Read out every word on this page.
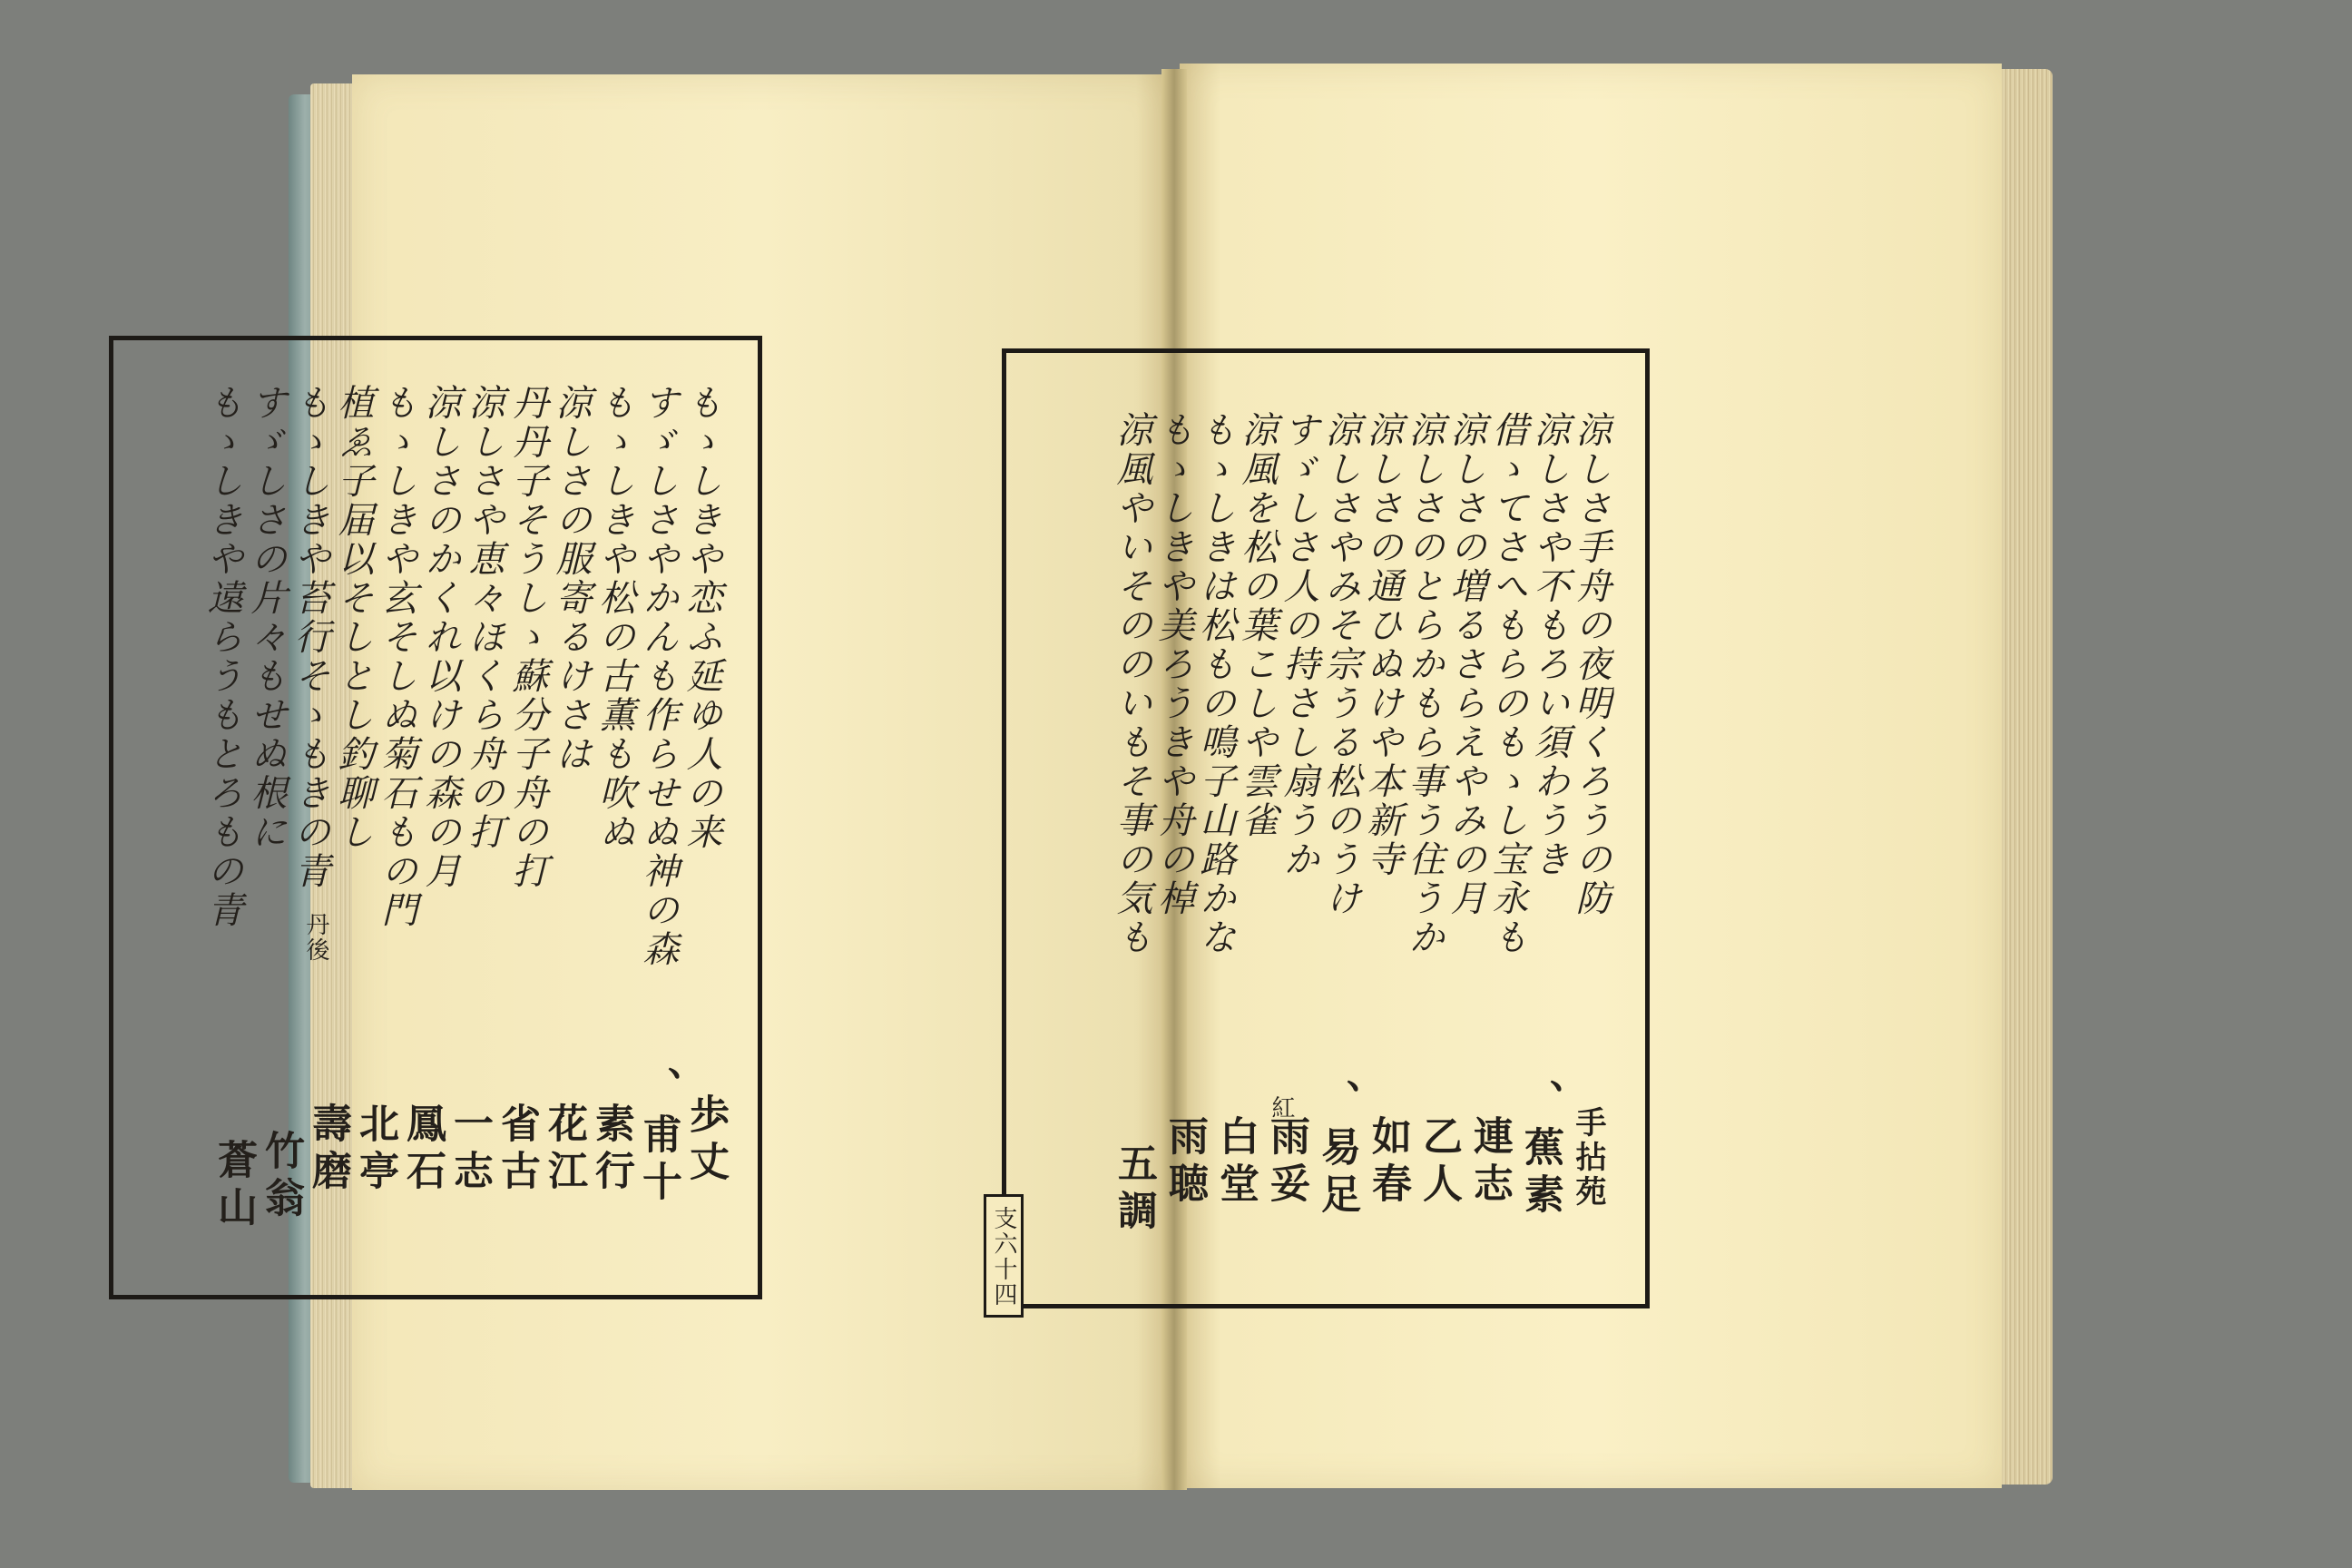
もゝしきや恋ふ延ゆ人の来
すゞしさやかんも作らせぬ神の森
もゝしきや松の古薫も吹ぬ
涼しさの服寄るけさは
丹丹子そうしゝ蘇分子舟の打
涼しさや恵々ほくら舟の打
涼しさのかくれ以けの森の月
もゝしきや玄そしぬ菊石もの門
植ゑ子届以そしとし釣聊し
もゝしきや苔行そゝもきの青
すゞしさの片々もせぬ根に
もゝしきや遠らうもとろもの青
丹後
歩丈
、甫十
素行
花江
省古
一志
鳳石
北亭
壽磨
竹翁
蒼山
涼しさ手舟の夜明くろうの防
涼しさや不もろい須わうき
借ゝてさへもらのもゝし宝永も
涼しさの増るさらえやみの月
涼しさのとらかもら事う住うか
涼しさの通ひぬけや本新寺
涼しさやみそ宗うる松のうけ
すゞしさ人の持さし扇うか
涼風を松の葉こしや雲雀
もゝしきは松もの鳴子山路かな
もゝしきや美ろうきや舟の棹
涼風やいそののいもそ事の気も
手拈苑
、蕉素
連志
乙人
如春
、易足
雨妥
紅
白堂
雨聴
五調
支六十四
